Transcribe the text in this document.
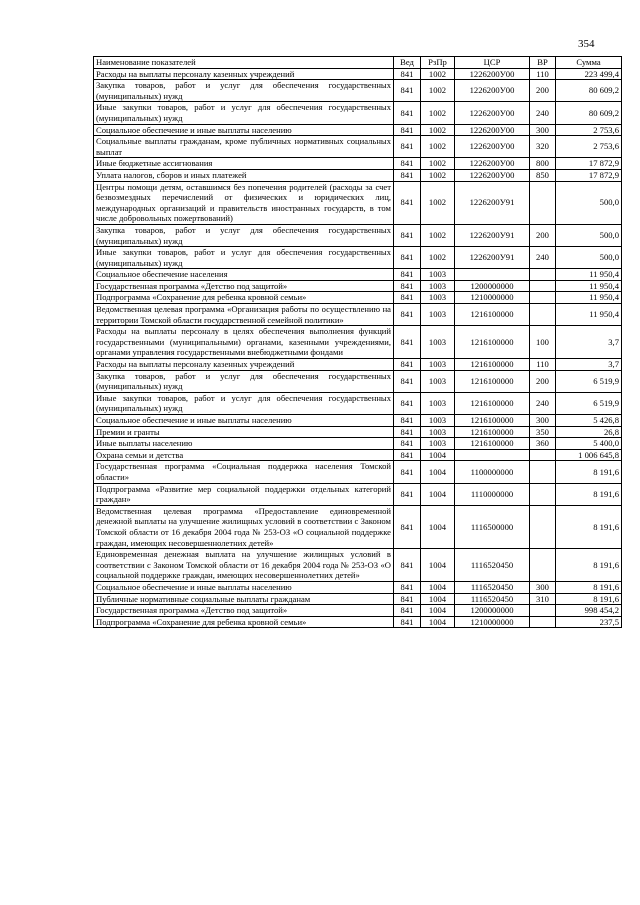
354
Наименование показателей	Вед	РзПр	ЦСР	ВР	Сумма
Расходы на выплаты персоналу казенных учреждений	841	1002	1226200У00	110	223 499,4
Закупка товаров, работ и услуг для обеспечения государственных (муниципальных) нужд	841	1002	1226200У00	200	80 609,2
Иные закупки товаров, работ и услуг для обеспечения государственных (муниципальных) нужд	841	1002	1226200У00	240	80 609,2
Социальное обеспечение и иные выплаты населению	841	1002	1226200У00	300	2 753,6
Социальные выплаты гражданам, кроме публичных нормативных социальных выплат	841	1002	1226200У00	320	2 753,6
Иные бюджетные ассигнования	841	1002	1226200У00	800	17 872,9
Уплата налогов, сборов и иных платежей	841	1002	1226200У00	850	17 872,9
Центры помощи детям, оставшимся без попечения родителей (расходы за счет безвозмездных перечислений от физических и юридических лиц, международных организаций и правительств иностранных государств, в том числе добровольных пожертвований)	841	1002	1226200У91		500,0
Закупка товаров, работ и услуг для обеспечения государственных (муниципальных) нужд	841	1002	1226200У91	200	500,0
Иные закупки товаров, работ и услуг для обеспечения государственных (муниципальных) нужд	841	1002	1226200У91	240	500,0
Социальное обеспечение населения	841	1003			11 950,4
Государственная программа «Детство под защитой»	841	1003	1200000000		11 950,4
Подпрограмма «Сохранение для ребенка кровной семьи»	841	1003	1210000000		11 950,4
Ведомственная целевая программа «Организация работы по осуществлению на территории Томской области государственной семейной политики»	841	1003	1216100000		11 950,4
Расходы на выплаты персоналу в целях обеспечения выполнения функций государственными (муниципальными) органами, казенными учреждениями, органами управления государственными внебюджетными фондами	841	1003	1216100000	100	3,7
Расходы на выплаты персоналу казенных учреждений	841	1003	1216100000	110	3,7
Закупка товаров, работ и услуг для обеспечения государственных (муниципальных) нужд	841	1003	1216100000	200	6 519,9
Иные закупки товаров, работ и услуг для обеспечения государственных (муниципальных) нужд	841	1003	1216100000	240	6 519,9
Социальное обеспечение и иные выплаты населению	841	1003	1216100000	300	5 426,8
Премии и гранты	841	1003	1216100000	350	26,8
Иные выплаты населению	841	1003	1216100000	360	5 400,0
Охрана семьи и детства	841	1004			1 006 645,8
Государственная программа «Социальная поддержка населения Томской области»	841	1004	1100000000		8 191,6
Подпрограмма «Развитие мер социальной поддержки отдельных категорий граждан»	841	1004	1110000000		8 191,6
Ведомственная целевая программа «Предоставление единовременной денежной выплаты на улучшение жилищных условий в соответствии с Законом Томской области от 16 декабря 2004 года № 253-ОЗ «О социальной поддержке граждан, имеющих несовершеннолетних детей»	841	1004	1116500000		8 191,6
Единовременная денежная выплата на улучшение жилищных условий в соответствии с Законом Томской области от 16 декабря 2004 года № 253-ОЗ «О социальной поддержке граждан, имеющих несовершеннолетних детей»	841	1004	1116520450		8 191,6
Социальное обеспечение и иные выплаты населению	841	1004	1116520450	300	8 191,6
Публичные нормативные социальные выплаты гражданам	841	1004	1116520450	310	8 191,6
Государственная программа «Детство под защитой»	841	1004	1200000000		998 454,2
Подпрограмма «Сохранение для ребенка кровной семьи»	841	1004	1210000000		237,5
